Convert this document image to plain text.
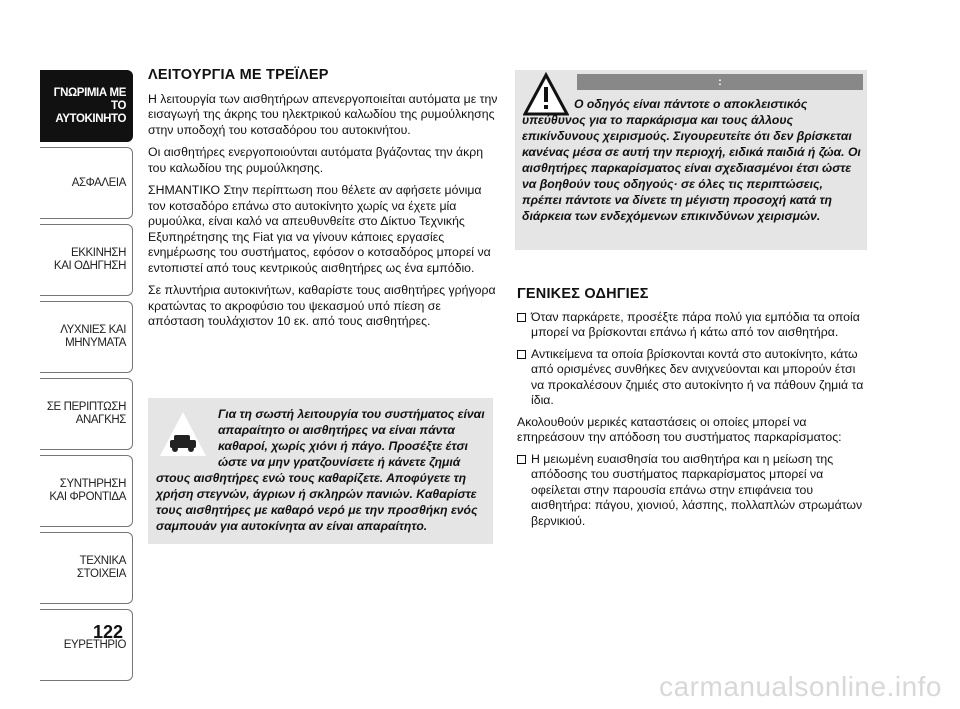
ΓΝΩΡΙΜΙΑ ΜΕ
ΤΟ ΑΥΤΟΚΙΝΗΤΟ
ΑΣΦΑΛΕΙΑ
ΕΚΚΙΝΗΣΗ
ΚΑΙ ΟΔΗΓΗΣΗ
ΛΥΧΝΙΕΣ ΚΑΙ
ΜΗΝΥΜΑΤΑ
ΣΕ ΠΕΡΙΠΤΩΣΗ
ΑΝΑΓΚΗΣ
ΣΥΝΤΗΡΗΣΗ
ΚΑΙ ΦΡΟΝΤΙΔΑ
ΤΕΧΝΙΚΑ
ΣΤΟΙΧΕΙΑ
ΕΥΡΕΤΗΡΙΟ
122
ΛΕΙΤΟΥΡΓΙΑ ΜΕ ΤΡΕΪΛΕΡ

Η λειτουργία των αισθητήρων απενεργοποιείται αυτόματα με την εισαγωγή της άκρης του ηλεκτρικού καλωδίου της ρυμούλκησης στην υποδοχή του κοτσαδόρου του αυτοκινήτου.

Οι αισθητήρες ενεργοποιούνται αυτόματα βγάζοντας την άκρη του καλωδίου της ρυμούλκησης.

ΣΗΜΑΝΤΙΚΟ Στην περίπτωση που θέλετε αν αφήσετε μόνιμα τον κοτσαδόρο επάνω στο αυτοκίνητο χωρίς να έχετε μία ρυμούλκα, είναι καλό να απευθυνθείτε στο Δίκτυο Τεχνικής Εξυπηρέτησης της Fiat για να γίνουν κάποιες εργασίες ενημέρωσης του συστήματος, εφόσον ο κοτσαδόρος μπορεί να εντοπιστεί από τους κεντρικούς αισθητήρες ως ένα εμπόδιο.

Σε πλυντήρια αυτοκινήτων, καθαρίστε τους αισθητήρες γρήγορα κρατώντας το ακροφύσιο του ψεκασμού υπό πίεση σε απόσταση τουλάχιστον 10 εκ. από τους αισθητήρες.

Για τη σωστή λειτουργία του συστήματος είναι απαραίτητο οι αισθητήρες να είναι πάντα καθαροί, χωρίς χιόνι ή πάγο. Προσέξτε έτσι ώστε να μην γρατζουνίσετε ή κάνετε ζημιά στους αισθητήρες ενώ τους καθαρίζετε. Αποφύγετε τη χρήση στεγνών, άγριων ή σκληρών πανιών. Καθαρίστε τους αισθητήρες με καθαρό νερό με την προσθήκη ενός σαμπουάν για αυτοκίνητα αν είναι απαραίτητο.
:
Ο οδηγός είναι πάντοτε ο αποκλειστικός υπεύθυνος για το παρκάρισμα και τους άλλους επικίνδυνους χειρισμούς. Σιγουρευτείτε ότι δεν βρίσκεται κανένας μέσα σε αυτή την περιοχή, ειδικά παιδιά ή ζώα. Οι αισθητήρες παρκαρίσματος είναι σχεδιασμένοι έτσι ώστε να βοηθούν τους οδηγούς· σε όλες τις περιπτώσεις, πρέπει πάντοτε να δίνετε τη μέγιστη προσοχή κατά τη διάρκεια των ενδεχόμενων επικινδύνων χειρισμών.
ΓΕΝΙΚΕΣ ΟΔΗΓΙΕΣ
Όταν παρκάρετε, προσέξτε πάρα πολύ για εμπόδια τα οποία μπορεί να βρίσκονται επάνω ή κάτω από τον αισθητήρα.
Αντικείμενα τα οποία βρίσκονται κοντά στο αυτοκίνητο, κάτω από ορισμένες συνθήκες δεν ανιχνεύονται και μπορούν έτσι να προκαλέσουν ζημιές στο αυτοκίνητο ή να πάθουν ζημιά τα ίδια.

Ακολουθούν μερικές καταστάσεις οι οποίες μπορεί να επηρεάσουν την απόδοση του συστήματος παρκαρίσματος:

Η μειωμένη ευαισθησία του αισθητήρα και η μείωση της απόδοσης του συστήματος παρκαρίσματος μπορεί να οφείλεται στην παρουσία επάνω στην επιφάνεια του αισθητήρα: πάγου, χιονιού, λάσπης, πολλαπλών στρωμάτων βερνικιού.
carmanualsonline.info
